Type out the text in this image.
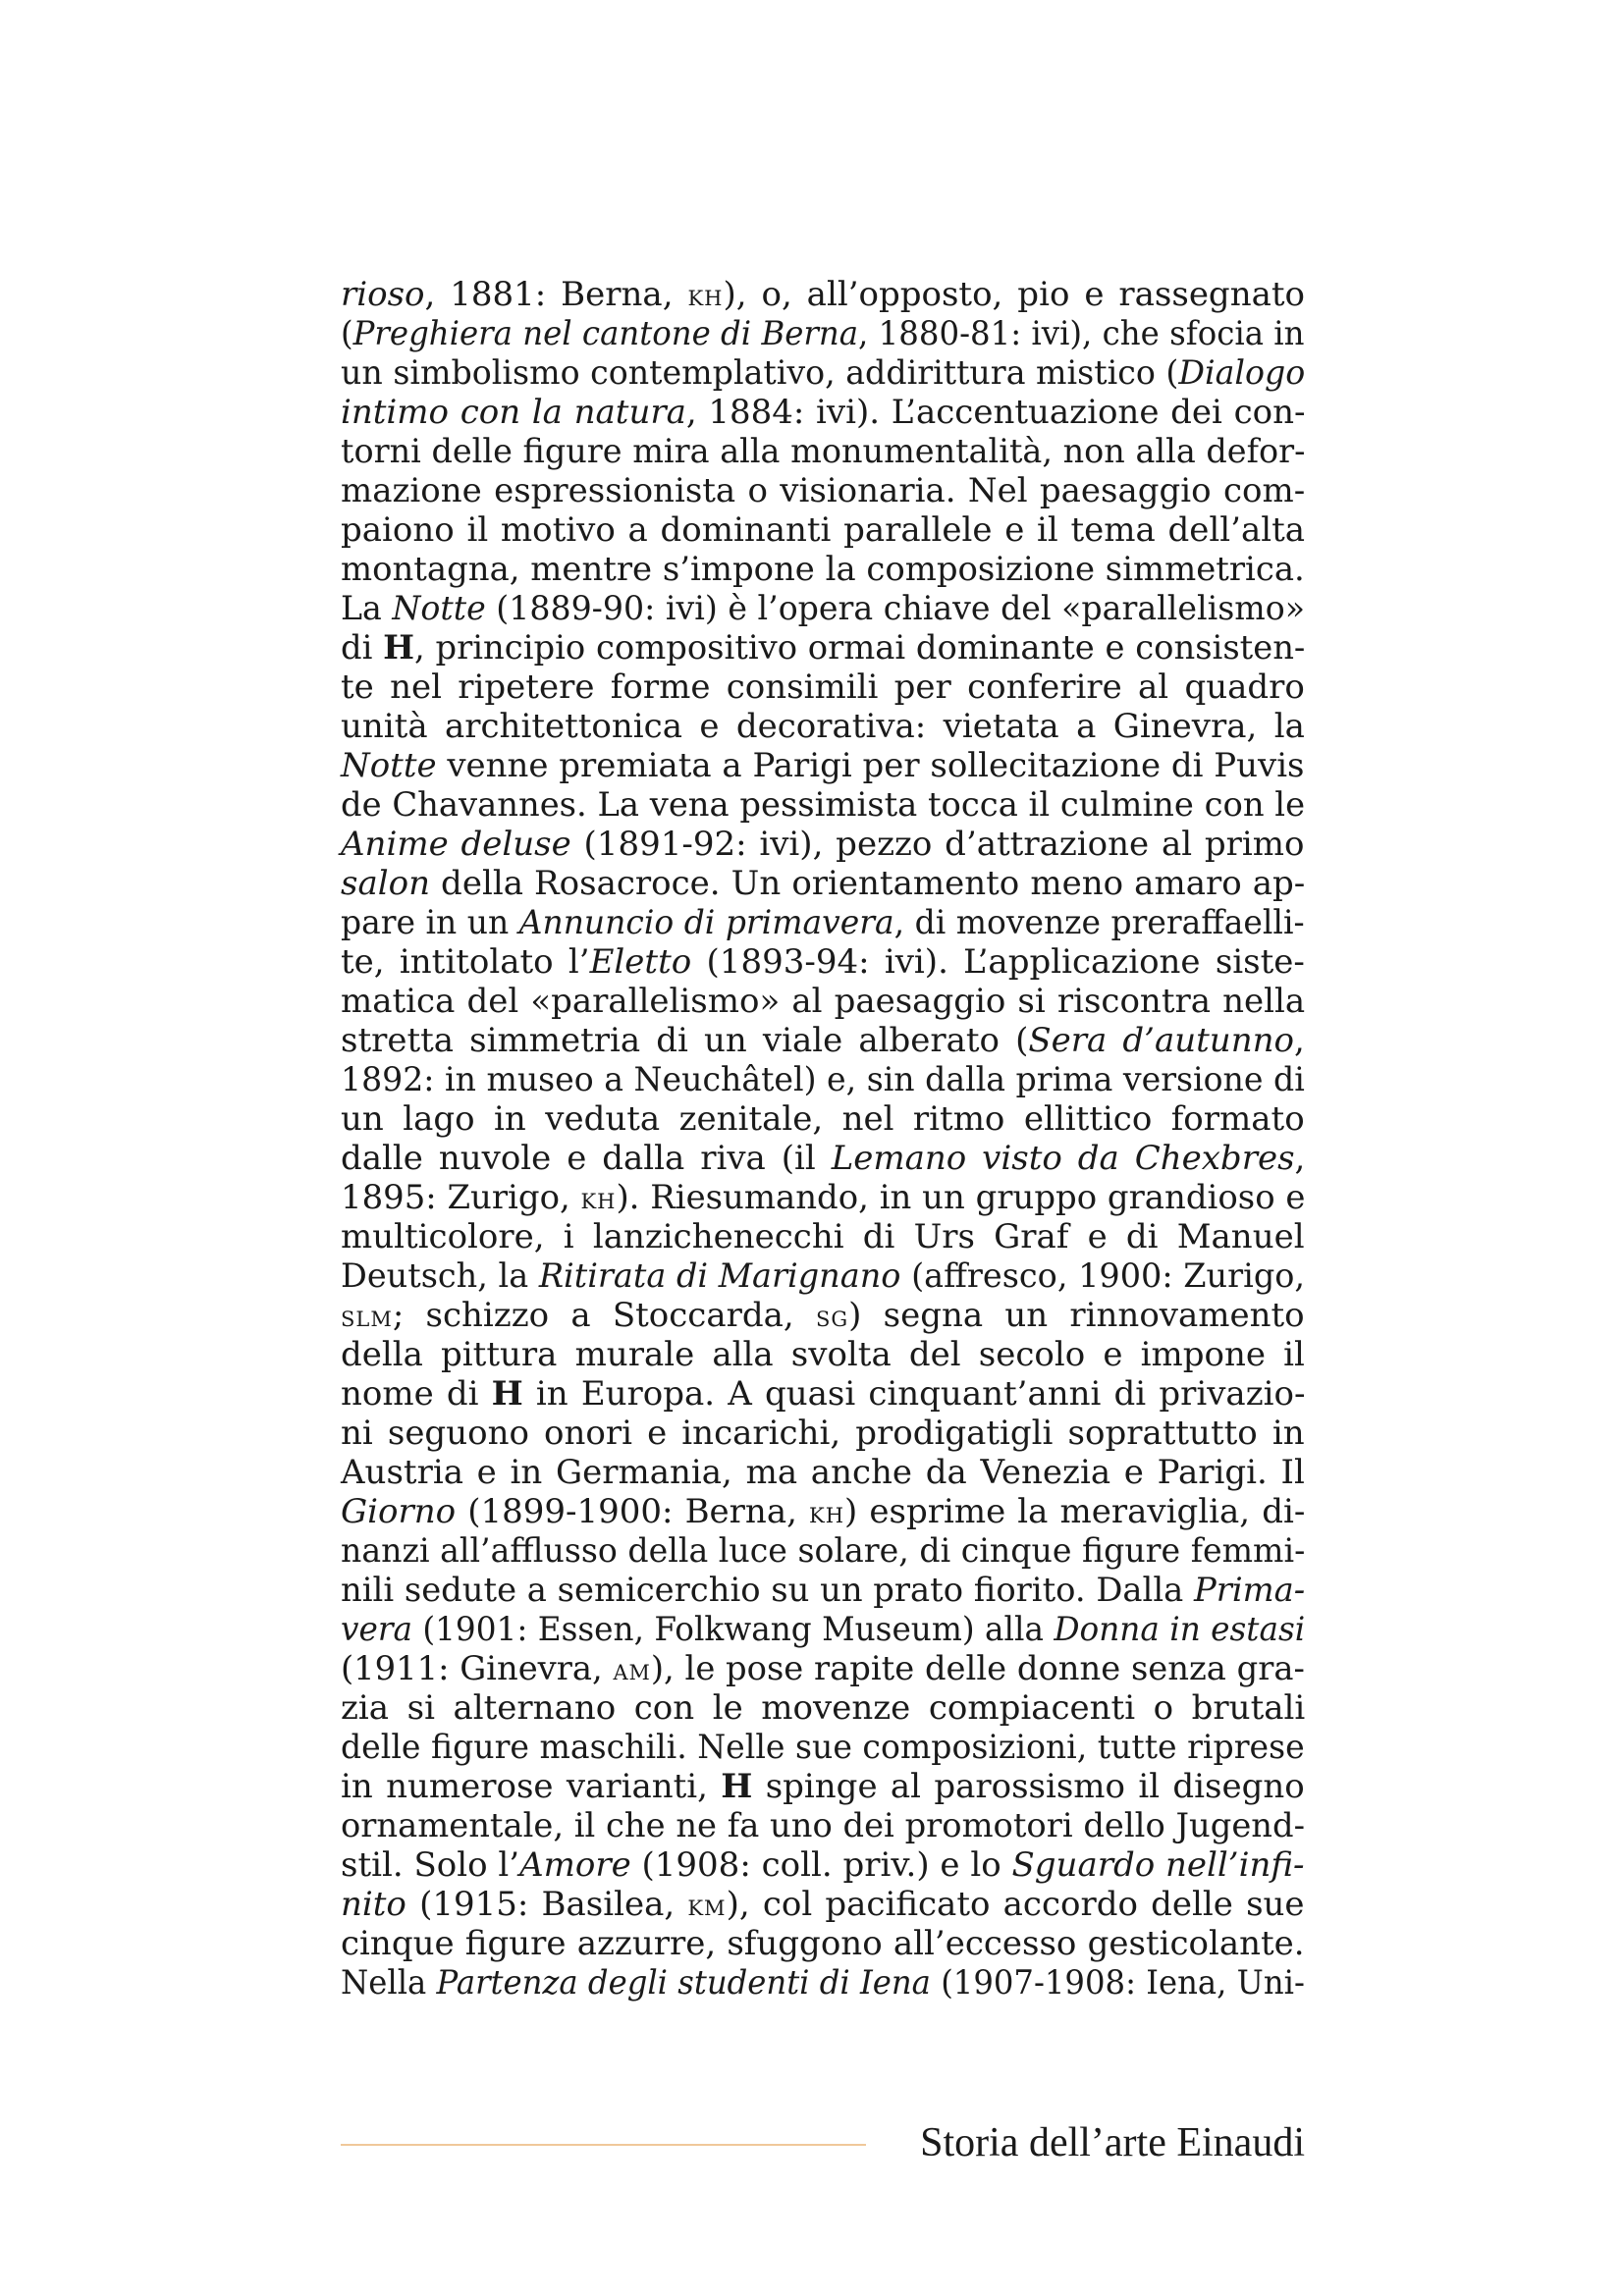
rioso, 1881: Berna, kh), o, all’opposto, pio e rassegnato
(Preghiera nel cantone di Berna, 1880-81: ivi), che sfocia in
un simbolismo contemplativo, addirittura mistico (Dialogo
intimo con la natura, 1884: ivi). L’accentuazione dei con-
torni delle figure mira alla monumentalità, non alla defor-
mazione espressionista o visionaria. Nel paesaggio com-
paiono il motivo a dominanti parallele e il tema dell’alta
montagna, mentre s’impone la composizione simmetrica.
La Notte (1889-90: ivi) è l’opera chiave del «parallelismo»
di H, principio compositivo ormai dominante e consisten-
te nel ripetere forme consimili per conferire al quadro
unità architettonica e decorativa: vietata a Ginevra, la
Notte venne premiata a Parigi per sollecitazione di Puvis
de Chavannes. La vena pessimista tocca il culmine con le
Anime deluse (1891-92: ivi), pezzo d’attrazione al primo
salon della Rosacroce. Un orientamento meno amaro ap-
pare in un Annuncio di primavera, di movenze preraffaelli-
te, intitolato l’Eletto (1893-94: ivi). L’applicazione siste-
matica del «parallelismo» al paesaggio si riscontra nella
stretta simmetria di un viale alberato (Sera d’autunno,
1892: in museo a Neuchâtel) e, sin dalla prima versione di
un lago in veduta zenitale, nel ritmo ellittico formato
dalle nuvole e dalla riva (il Lemano visto da Chexbres,
1895: Zurigo, kh). Riesumando, in un gruppo grandioso e
multicolore, i lanzichenecchi di Urs Graf e di Manuel
Deutsch, la Ritirata di Marignano (affresco, 1900: Zurigo,
slm; schizzo a Stoccarda, sg) segna un rinnovamento
della pittura murale alla svolta del secolo e impone il
nome di H in Europa. A quasi cinquant’anni di privazio-
ni seguono onori e incarichi, prodigatigli soprattutto in
Austria e in Germania, ma anche da Venezia e Parigi. Il
Giorno (1899-1900: Berna, kh) esprime la meraviglia, di-
nanzi all’afflusso della luce solare, di cinque figure femmi-
nili sedute a semicerchio su un prato fiorito. Dalla Prima-
vera (1901: Essen, Folkwang Museum) alla Donna in estasi
(1911: Ginevra, am), le pose rapite delle donne senza gra-
zia si alternano con le movenze compiacenti o brutali
delle figure maschili. Nelle sue composizioni, tutte riprese
in numerose varianti, H spinge al parossismo il disegno
ornamentale, il che ne fa uno dei promotori dello Jugend-
stil. Solo l’Amore (1908: coll. priv.) e lo Sguardo nell’infi-
nito (1915: Basilea, km), col pacificato accordo delle sue
cinque figure azzurre, sfuggono all’eccesso gesticolante.
Nella Partenza degli studenti di Iena (1907-1908: Iena, Uni-
Storia dell’arte Einaudi
